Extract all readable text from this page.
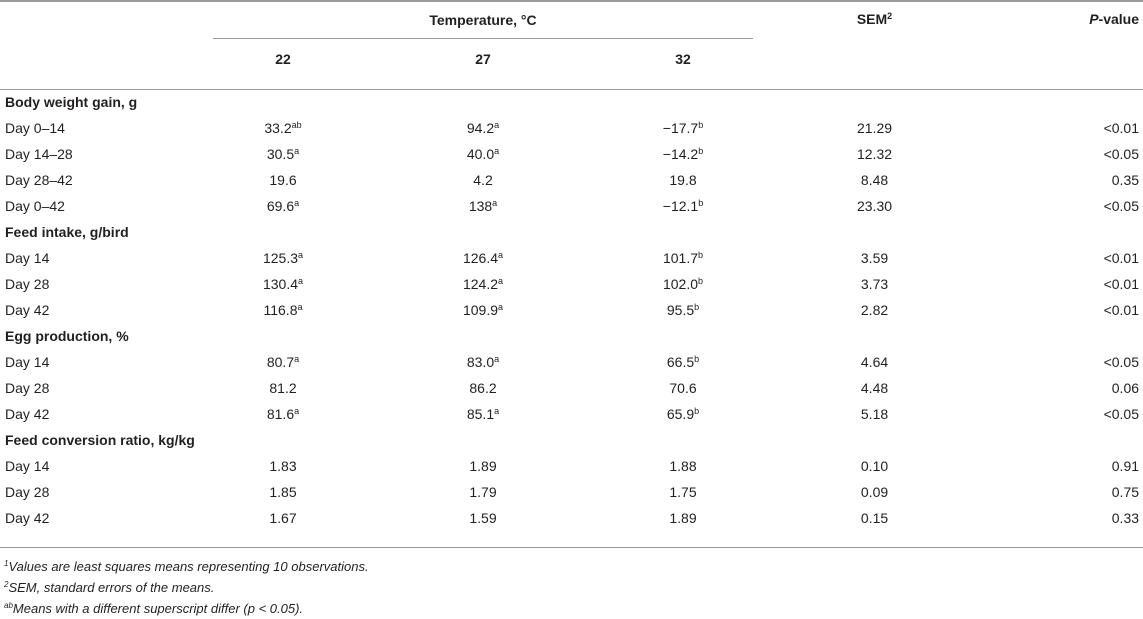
	Temperature, °C			SEM$^2$	P-value
	22	27	32		

Body weight gain, g					
Day 0–14	33.2$^{ab}$	94.2$^a$	−17.7$^b$	21.29	<0.01
Day 14–28	30.5$^a$	40.0$^a$	−14.2$^b$	12.32	<0.05
Day 28–42	19.6	4.2	19.8	8.48	0.35
Day 0–42	69.6$^a$	$138^a$	−12.1$^b$	23.30	<0.05
Feed intake, g/bird					
Day 14	125.3$^a$	126.4$^a$	101.7$^b$	3.59	<0.01
Day 28	130.4$^a$	124.2$^a$	102.0$^b$	3.73	<0.01
Day 42	116.8$^a$	109.9$^a$	95.5$^b$	2.82	<0.01
Egg production, %					
Day 14	80.7$^a$	83.0$^a$	66.5$^b$	4.64	<0.05
Day 28	81.2	86.2	70.6	4.48	0.06
Day 42	81.6$^a$	85.1$^a$	65.9$^b$	5.18	<0.05
Feed conversion ratio, kg/kg					
Day 14	1.83	1.89	1.88	0.10	0.91
Day 28	1.85	1.79	1.75	0.09	0.75
Day 42	1.67	1.59	1.89	0.15	0.33
$^1$Values are least squares means representing 10 observations.
$^2$SEM, standard errors of the means.
$^{ab}$Means with a different superscript differ (p < 0.05).
